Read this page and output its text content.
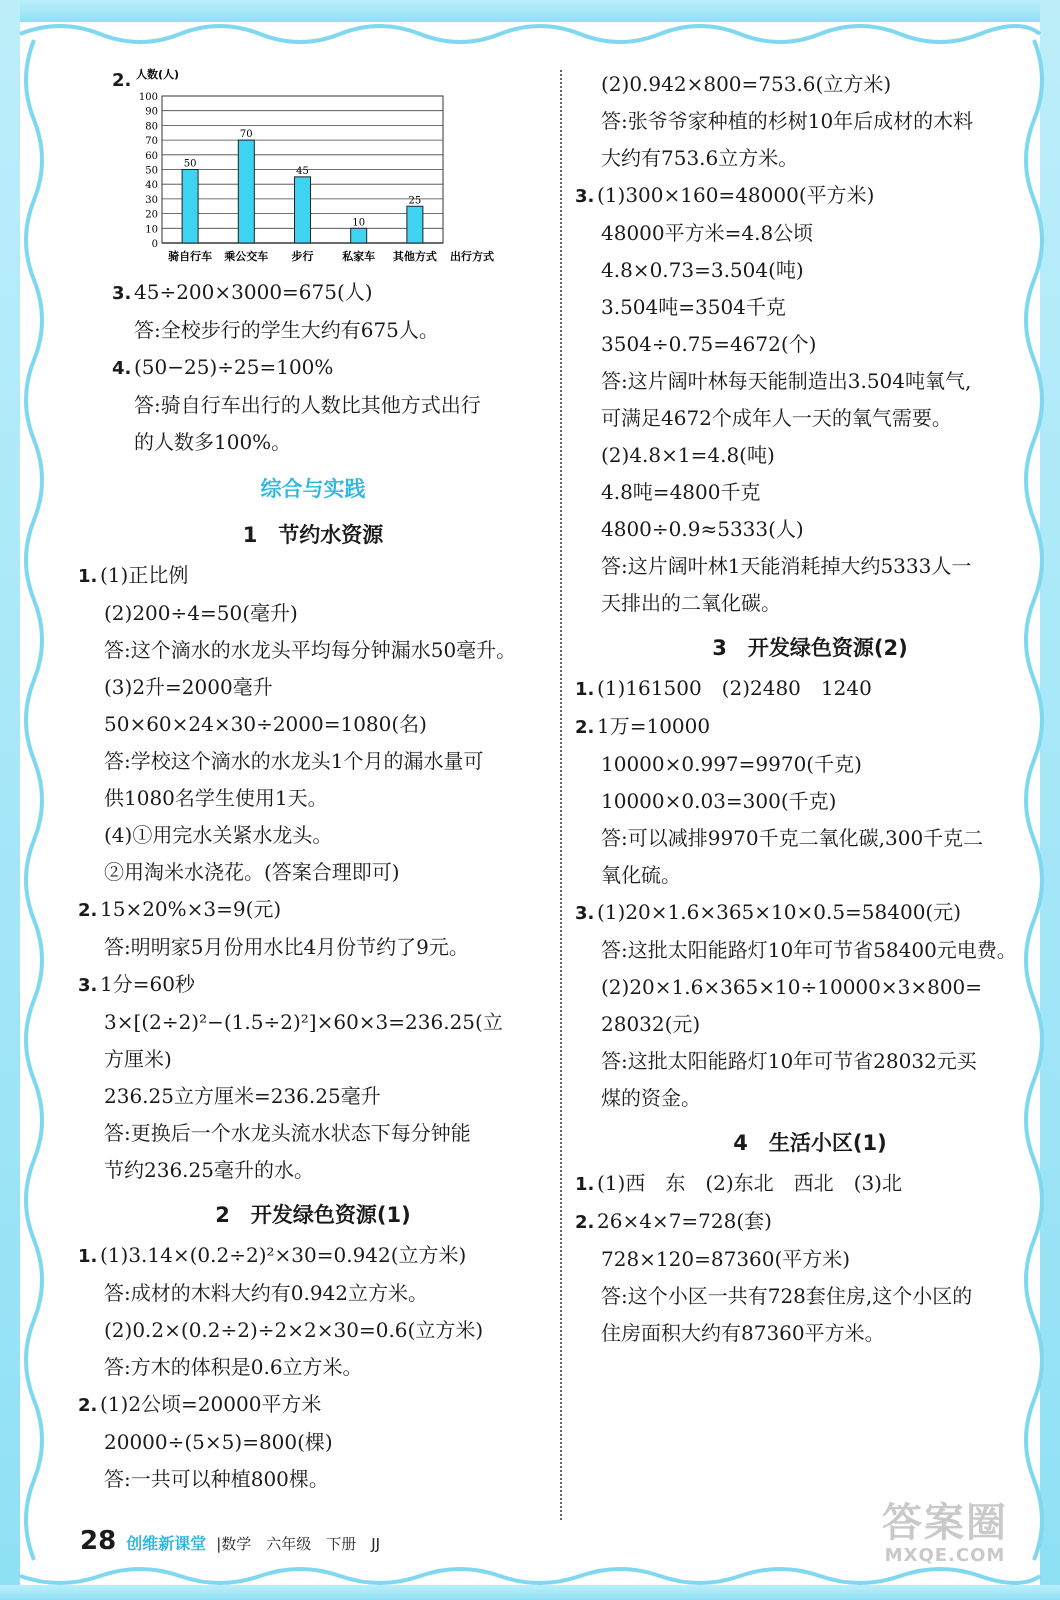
2.
0
10
20
30
40
50
60
70
80
90
100
50
70
45
10
25
骑自行车 乘公交车 步行	私家车 其他方式
人数(人)
出行方式
3. 45÷200×3000=675(人)
答:全校步行的学生大约有675人。
4. (50−25)÷25=100%
答:骑自行车出行的人数比其他方式出行
的人数多100%。
综合与实践
1　节约水资源
1. (1)正比例
(2)200÷4=50(毫升)
答:这个滴水的水龙头平均每分钟漏水50毫升。
(3)2升=2000毫升
50×60×24×30÷2000=1080(名)
答:学校这个滴水的水龙头1个月的漏水量可
供1080名学生使用1天。
(4)①用完水关紧水龙头。
②用淘米水浇花。(答案合理即可)
2. 15×20%×3=9(元)
答:明明家5月份用水比4月份节约了9元。
3. 1分=60秒
3×[(2÷2)²−(1.5÷2)²]×60×3=236.25(立
方厘米)
236.25立方厘米=236.25毫升
答:更换后一个水龙头流水状态下每分钟能
节约236.25毫升的水。
2　开发绿色资源(1)
1. (1)3.14×(0.2÷2)²×30=0.942(立方米)
答:成材的木料大约有0.942立方米。
(2)0.2×(0.2÷2)÷2×2×30=0.6(立方米)
答:方木的体积是0.6立方米。
2. (1)2公顷=20000平方米
20000÷(5×5)=800(棵)
答:一共可以种植800棵。
(2)0.942×800=753.6(立方米)
答:张爷爷家种植的杉树10年后成材的木料
大约有753.6立方米。
3. (1)300×160=48000(平方米)
48000平方米=4.8公顷
4.8×0.73=3.504(吨)
3.504吨=3504千克
3504÷0.75=4672(个)
答:这片阔叶林每天能制造出3.504吨氧气,
可满足4672个成年人一天的氧气需要。
(2)4.8×1=4.8(吨)
4.8吨=4800千克
4800÷0.9≈5333(人)
答:这片阔叶林1天能消耗掉大约5333人一
天排出的二氧化碳。
3　开发绿色资源(2)
1. (1)161500　(2)2480　1240
2. 1万=10000
10000×0.997=9970(千克)
10000×0.03=300(千克)
答:可以减排9970千克二氧化碳,300千克二
氧化硫。
3. (1)20×1.6×365×10×0.5=58400(元)
答:这批太阳能路灯10年可节省58400元电费。
(2)20×1.6×365×10÷10000×3×800=
28032(元)
答:这批太阳能路灯10年可节省28032元买
煤的资金。
4　生活小区(1)
1. (1)西　东　(2)东北　西北　(3)北
2. 26×4×7=728(套)
728×120=87360(平方米)
答:这个小区一共有728套住房,这个小区的
住房面积大约有87360平方米。
28 创维新课堂 |数学　六年级　下册　JJ	答案圈
MXQE.COM
